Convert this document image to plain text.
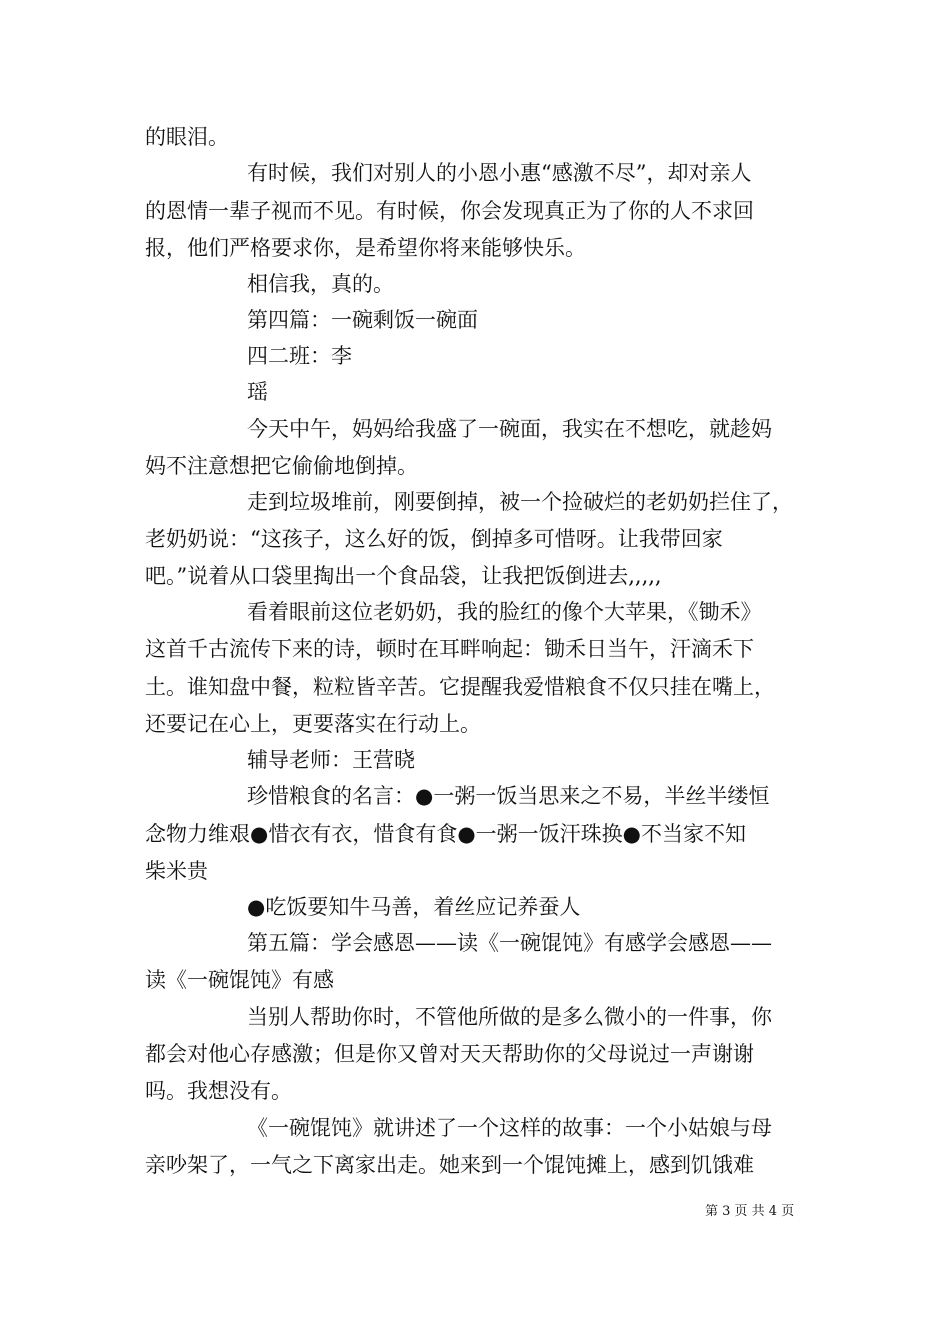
的眼泪。
有时候，我们对别人的小恩小惠“感激不尽”，却对亲人
的恩情一辈子视而不见。有时候，你会发现真正为了你的人不求回
报，他们严格要求你，是希望你将来能够快乐。
相信我，真的。
第四篇：一碗剩饭一碗面
四二班：李
瑶
今天中午，妈妈给我盛了一碗面，我实在不想吃，就趁妈
妈不注意想把它偷偷地倒掉。
走到垃圾堆前，刚要倒掉，被一个捡破烂的老奶奶拦住了，
老奶奶说：“这孩子，这么好的饭，倒掉多可惜呀。让我带回家
吧。”说着从口袋里掏出一个食品袋，让我把饭倒进去,,,,,
看着眼前这位老奶奶，我的脸红的像个大苹果，《锄禾》
这首千古流传下来的诗，顿时在耳畔响起：锄禾日当午，汗滴禾下
土。谁知盘中餐，粒粒皆辛苦。它提醒我爱惜粮食不仅只挂在嘴上，
还要记在心上，更要落实在行动上。
辅导老师：王营晓
珍惜粮食的名言：●一粥一饭当思来之不易，半丝半缕恒
念物力维艰●惜衣有衣，惜食有食●一粥一饭汗珠换●不当家不知
柴米贵
●吃饭要知牛马善，着丝应记养蚕人
第五篇：学会感恩——读《一碗馄饨》有感学会感恩——
读《一碗馄饨》有感
当别人帮助你时，不管他所做的是多么微小的一件事，你
都会对他心存感激；但是你又曾对天天帮助你的父母说过一声谢谢
吗。我想没有。
《一碗馄饨》就讲述了一个这样的故事：一个小姑娘与母
亲吵架了，一气之下离家出走。她来到一个馄饨摊上，感到饥饿难
第 3 页 共 4 页
